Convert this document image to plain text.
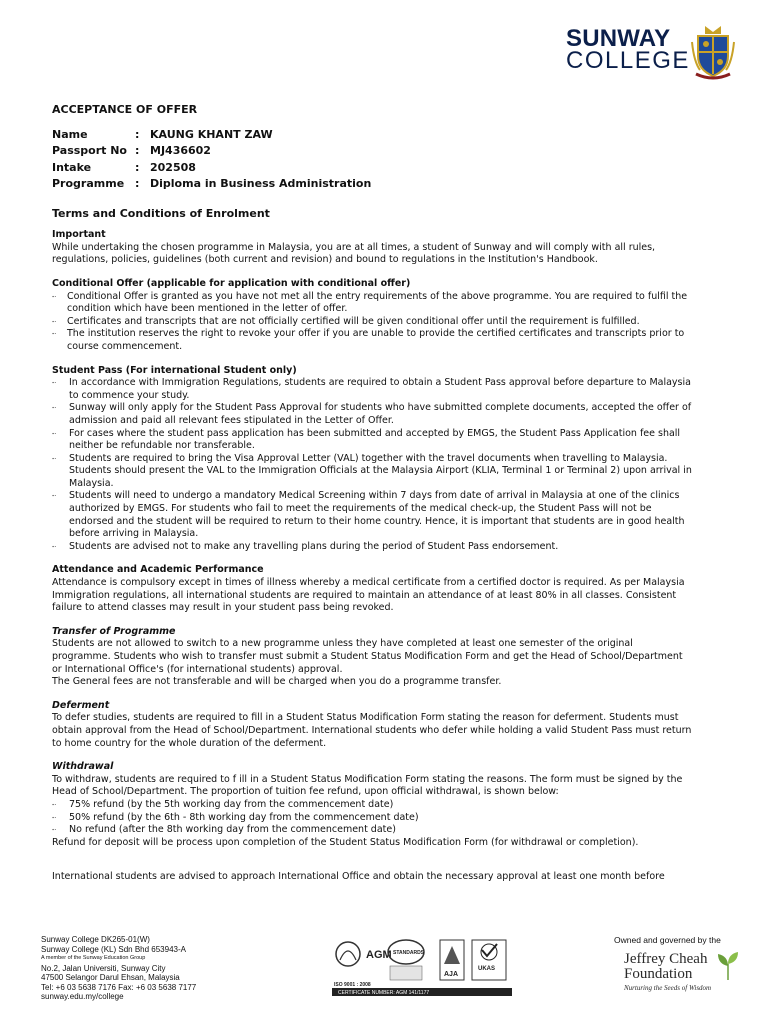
SUNWAY
COLLEGE
ACCEPTANCE OF OFFER
Name	:	KAUNG KHANT ZAW
Passport No	:	MJ436602
Intake	:	202508
Programme	:	Diploma in Business Administration
Terms and Conditions of Enrolment
Important

While undertaking the chosen programme in Malaysia, you are at all times, a student of Sunway and will comply with all rules, regulations, policies, guidelines (both current and revision) and bound to regulations in the Institution's Handbook.

Conditional Offer (applicable for application with conditional offer)
ꞏ· Conditional Offer is granted as you have not met all the entry requirements of the above programme. You are required to fulfil the condition which have been mentioned in the letter of offer.
ꞏ· Certificates and transcripts that are not officially certified will be given conditional offer until the requirement is fulfilled.
ꞏ· The institution reserves the right to revoke your offer if you are unable to provide the certified certificates and transcripts prior to course commencement.
Student Pass (For international Student only)
ꞏ· In accordance with Immigration Regulations, students are required to obtain a Student Pass approval before departure to Malaysia to commence your study.
ꞏ· Sunway will only apply for the Student Pass Approval for students who have submitted complete documents, accepted the offer of admission and paid all relevant fees stipulated in the Letter of Offer.
ꞏ· For cases where the student pass application has been submitted and accepted by EMGS, the Student Pass Application fee shall neither be refundable nor transferable.
ꞏ· Students are required to bring the Visa Approval Letter (VAL) together with the travel documents when travelling to Malaysia. Students should present the VAL to the Immigration Officials at the Malaysia Airport (KLIA, Terminal 1 or Terminal 2) upon arrival in Malaysia.
ꞏ· Students will need to undergo a mandatory Medical Screening within 7 days from date of arrival in Malaysia at one of the clinics authorized by EMGS. For students who fail to meet the requirements of the medical check-up, the Student Pass will not be endorsed and the student will be required to return to their home country. Hence, it is important that students are in good health before arriving in Malaysia.
ꞏ· Students are advised not to make any travelling plans during the period of Student Pass endorsement.
Attendance and Academic Performance

Attendance is compulsory except in times of illness whereby a medical certificate from a certified doctor is required. As per Malaysia Immigration regulations, all international students are required to maintain an attendance of at least 80% in all classes. Consistent failure to attend classes may result in your student pass being revoked.

Transfer of Programme

Students are not allowed to switch to a new programme unless they have completed at least one semester of the original programme. Students who wish to transfer must submit a Student Status Modification Form and get the Head of School/Department or International Office's (for international students) approval.

The General fees are not transferable and will be charged when you do a programme transfer.

Deferment

To defer studies, students are required to fill in a Student Status Modification Form stating the reason for deferment. Students must obtain approval from the Head of School/Department. International students who defer while holding a valid Student Pass must return to home country for the whole duration of the deferment.

Withdrawal

To withdraw, students are required to f ill in a Student Status Modification Form stating the reasons. The form must be signed by the Head of School/Department. The proportion of tuition fee refund, upon official withdrawal, is shown below:

ꞏ· 75% refund (by the 5th working day from the commencement date)
ꞏ· 50% refund (by the 6th - 8th working day from the commencement date)
ꞏ· No refund (after the 8th working day from the commencement date)

Refund for deposit will be process upon completion of the Student Status Modification Form (for withdrawal or completion).

International students are advised to approach International Office and obtain the necessary approval at least one month before

Sunway College DK265-01(W)
Sunway College (KL) Sdn Bhd 653943-A
A member of the Sunway Education Group
No.2, Jalan Universiti, Sunway City
47500 Selangor Darul Ehsan, Malaysia
Tel: +6 03 5638 7176 Fax: +6 03 5638 7177
sunway.edu.my/college
AGM
ISO 9001 : 2008
STANDARDS
AJA
UKAS
CERTIFICATE NUMBER: AGM 141/1177
Owned and governed by the
Jeffrey Cheah
Foundation
Nurturing the Seeds of Wisdom
